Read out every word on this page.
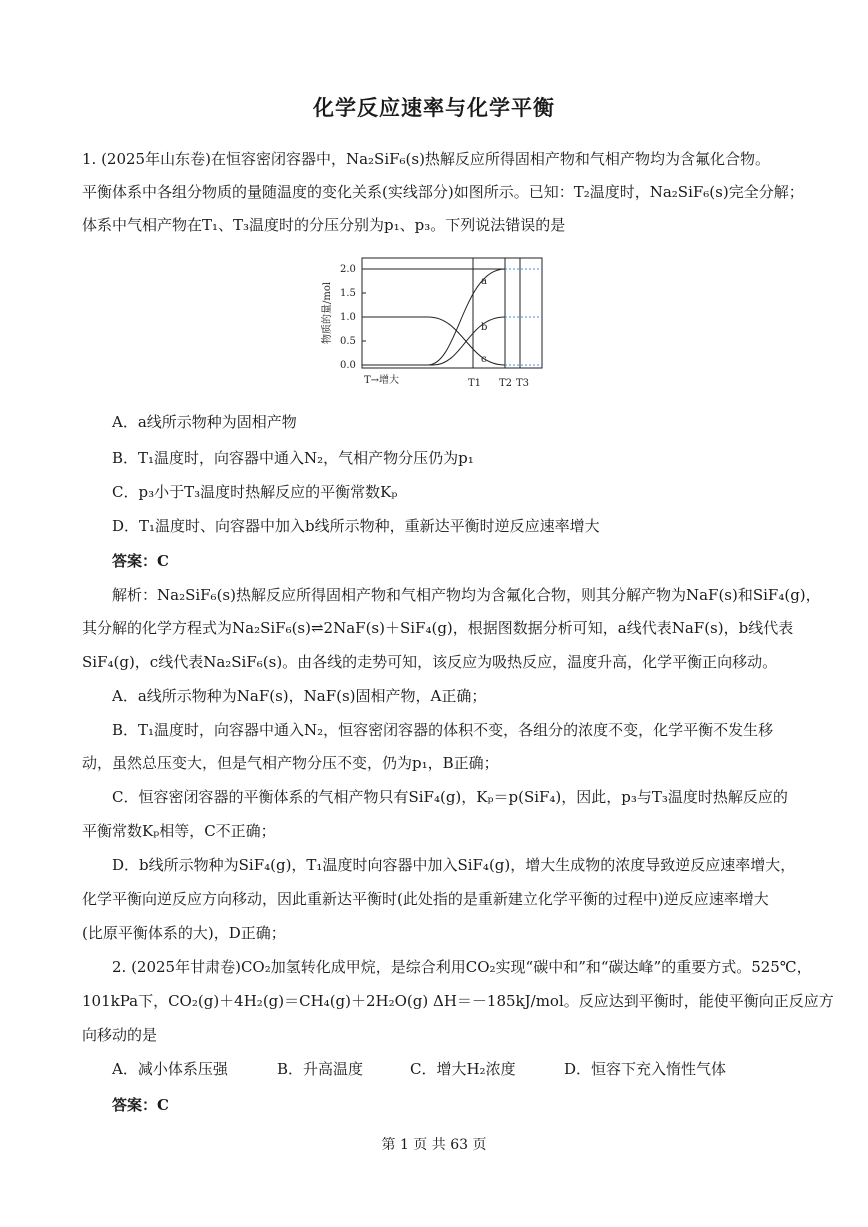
化学反应速率与化学平衡
1. (2025年山东卷)在恒容密闭容器中，Na₂SiF₆(s)热解反应所得固相产物和气相产物均为含氟化合物。
平衡体系中各组分物质的量随温度的变化关系(实线部分)如图所示。已知：T₂温度时，Na₂SiF₆(s)完全分解；
体系中气相产物在T₁、T₃温度时的分压分别为p₁、p₃。下列说法错误的是
2.0
1.5
1.0
0.5
0.0
物质的量/mol
a
b
c
T→增大	T1 T2 T3
A．a线所示物种为固相产物
B．T₁温度时，向容器中通入N₂，气相产物分压仍为p₁
C．p₃小于T₃温度时热解反应的平衡常数Kₚ
D．T₁温度时、向容器中加入b线所示物种，重新达平衡时逆反应速率增大
答案：C
解析：Na₂SiF₆(s)热解反应所得固相产物和气相产物均为含氟化合物，则其分解产物为NaF(s)和SiF₄(g)，
其分解的化学方程式为Na₂SiF₆(s)⇌2NaF(s)＋SiF₄(g)，根据图数据分析可知，a线代表NaF(s)，b线代表
SiF₄(g)，c线代表Na₂SiF₆(s)。由各线的走势可知，该反应为吸热反应，温度升高，化学平衡正向移动。
A．a线所示物种为NaF(s)，NaF(s)固相产物，A正确；
B．T₁温度时，向容器中通入N₂，恒容密闭容器的体积不变，各组分的浓度不变，化学平衡不发生移
动，虽然总压变大，但是气相产物分压不变，仍为p₁，B正确；
C．恒容密闭容器的平衡体系的气相产物只有SiF₄(g)，Kₚ＝p(SiF₄)，因此，p₃与T₃温度时热解反应的
平衡常数Kₚ相等，C不正确；
D．b线所示物种为SiF₄(g)，T₁温度时向容器中加入SiF₄(g)，增大生成物的浓度导致逆反应速率增大，
化学平衡向逆反应方向移动，因此重新达平衡时(此处指的是重新建立化学平衡的过程中)逆反应速率增大
(比原平衡体系的大)，D正确；
2. (2025年甘肃卷)CO₂加氢转化成甲烷，是综合利用CO₂实现“碳中和”和“碳达峰”的重要方式。525℃，
101kPa下，CO₂(g)＋4H₂(g)＝CH₄(g)＋2H₂O(g) ΔH＝－185kJ/mol。反应达到平衡时，能使平衡向正反应方
向移动的是
A．减小体系压强	B．升高温度	C．增大H₂浓度	D．恒容下充入惰性气体
答案：C
第 1 页 共 63 页
